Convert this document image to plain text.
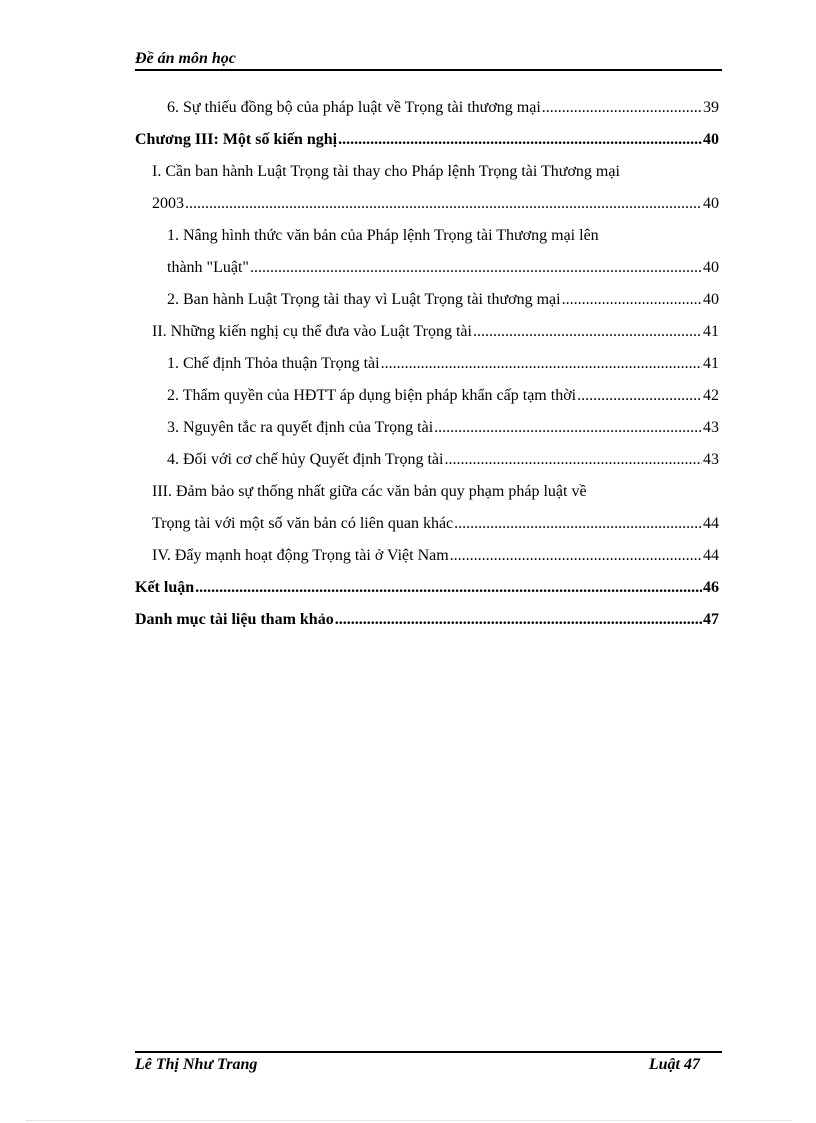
Đề án môn học
6. Sự thiếu đồng bộ của pháp luật về Trọng tài thương mại .....	39
Chương III: Một số kiến nghị .....	40
I. Cần ban hành Luật Trọng tài thay cho Pháp lệnh Trọng tài Thương mại
2003 .....	40
1. Nâng hình thức văn bản của Pháp lệnh Trọng tài Thương mại lên
thành "Luật" .....	40
2. Ban hành Luật Trọng tài thay vì Luật Trọng tài thương mại .....	40
II. Những kiến nghị cụ thể đưa vào Luật Trọng tài .....	41
1. Chế định Thỏa thuận Trọng tài .....	41
2. Thẩm quyền của HĐTT áp dụng biện pháp khẩn cấp tạm thời .....	42
3. Nguyên tắc ra quyết định của Trọng tài .....	43
4. Đối với cơ chế hủy Quyết định Trọng tài .....	43
III. Đảm bảo sự thống nhất giữa các văn bản quy phạm pháp luật về
Trọng tài với một số văn bản có liên quan khác .....	44
IV. Đẩy mạnh hoạt động Trọng tài ở Việt Nam .....	44
Kết luận .....	46
Danh mục tài liệu tham khảo .....	47
Lê Thị Như Trang	Luật 47
